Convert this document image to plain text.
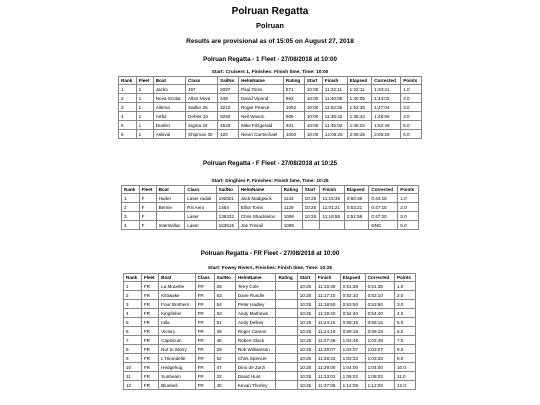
Polruan Regatta
Polruan
Results are provisional as of 15:05 on August 27, 2018
Polruan Regatta - 1 Fleet - 27/08/2018 at 10:00
Start: Cruisers 1, Finishes: Finish time, Time: 10:00
Rank	Fleet	Boat	Class	SailNo	HelmName	Rating	Start	Finish	Elapsed	Corrected	Points
1	1	Jacko	J97	2097	Paul Toms	871	10:00	11:22:11	1:22:11	1:34:21	1.0
2	1	Nova Scotia	Albin Nova	349	David Vipond	962	10:00	11:40:05	1:40:05	1:44:02	2.0
3	1	Allema	Sadler 25	3210	Roger Pearce	1052	10:00	11:52:36	1:52:36	1:47:04	3.0
4	1	Artful	Dehler 34	9250	Neil Wason	906	10:00	11:38:42	1:38:42	1:48:56	4.0
5	1	Duelist	Sigma 33	4533	Mike Fitzgerald	931	10:00	11:45:02	1:45:02	1:52:49	5.0
6	1	Askival	Shipman 30	420	Nevin Carmichael	1000	10:00	12:06:26	2:06:26	2:06:26	6.0
Polruan Regatta - F Fleet - 27/08/2018 at 10:25
Start: Dinghies F, Finishes: Finish time, Time: 10:25
Rank	Fleet	Boat	Class	SailNo	HelmName	Rating	Start	Finish	Elapsed	Corrected	Points
1	F	Hudel	Laser radial	192501	Jack Madgwick	1142	10:25	11:15:36	0:50:36	0:44:18	1.0
2	F	Bernie	RS Aero	1454	Elliot Toms	1129	10:25	11:01:21	0:53:21	0:47:15	2.0
3	F		Laser	136332	Chris Shackleton	1098	10:25	11:16:58	0:51:58	0:47:20	3.0
4	F	Interstellar	Laser	163515	Joe Trevail	1098				DNC	5.0
Polruan Regatta - FR Fleet - 27/08/2018 at 10:00
Start: Fowey Rivers, Finishes: Finish time, Time: 10:25
Rank	Fleet	Boat	Class	SailNo	HelmName	Rating	Start	Finish	Elapsed	Corrected	Points
1	FR	La Mouette	FR	26	Terry Cole		10:25	11:16:38	0:51:38	0:51:38	1.0
2	FR	Kittiwake	FR	63	Dave Rundle		10:25	11:17:10	0:52:10	0:52:10	2.0
3	FR	Four Brothers	FR	54	Peter Hadley		10:25	11:18:50	0:53:50	0:53:50	3.0
4	FR	Kingfisher	FR	53	Andy Mathews		10:25	11:19:40	0:54:40	0:54:40	4.0
5	FR	Iolla	FR	51	Andy Dellow		10:25	11:24:15	0:59:15	0:59:15	5.0
6	FR	Victory	FR	39	Roger Carson		10:25	11:24:18	0:59:18	0:59:18	6.0
7	FR	Capsicum	FR	46	Robert Slack		10:25	11:27:48	1:02:48	1:02:48	7.0
8	FR	Not to Worry	FR	29	Rob Williamson		10:25	11:28:07	1:03:07	1:03:07	8.0
9	FR	L'Hirondelle	FR	52	Chris Spencer		10:25	11:28:33	1:03:33	1:03:33	9.0
10	FR	Hedgehog	FR	47	Dino de Zorzi		10:25	11:29:00	1:04:00	1:04:00	10.0
11	FR	Sunbeam	FR	22	David Hunt		10:25	11:33:02	1:08:02	1:08:02	11.0
12	FR	Bluebell	FR	45	Kevan Thorley		10:25	11:37:09	1:12:09	1:12:09	12.0
